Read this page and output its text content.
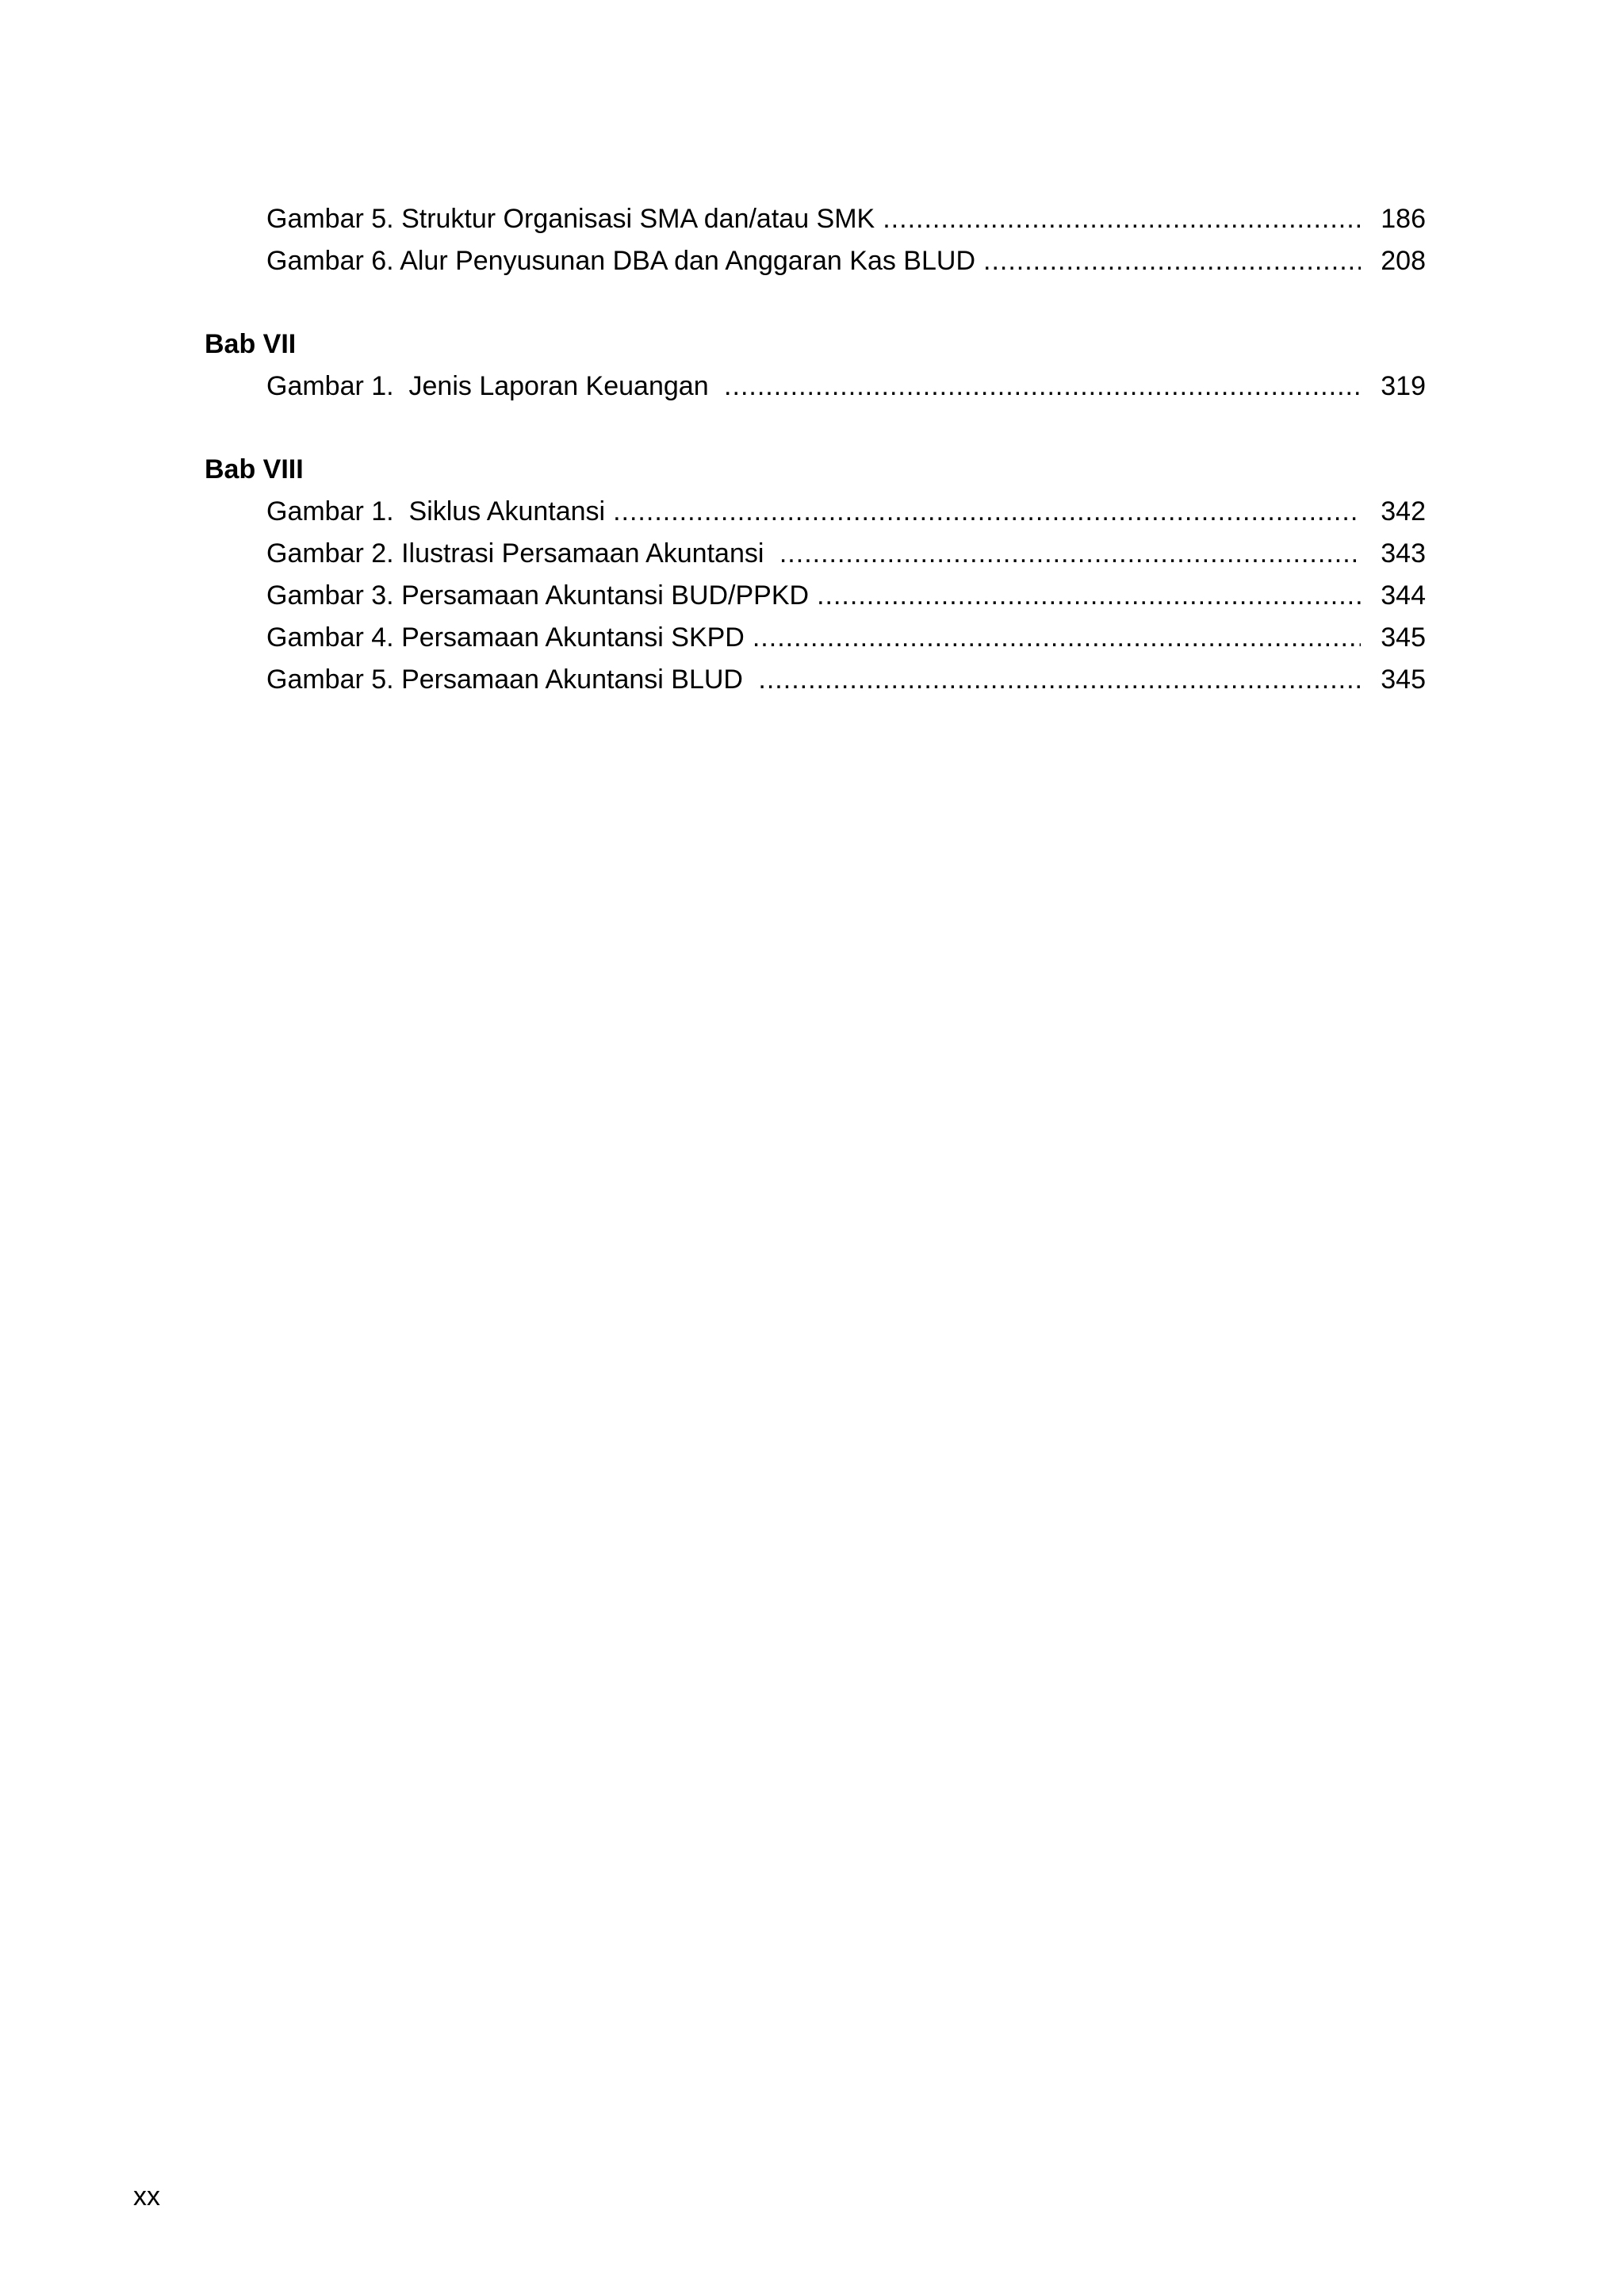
Gambar 5. Struktur Organisasi SMA dan/atau SMK .....	186
Gambar 6. Alur Penyusunan DBA dan Anggaran Kas BLUD .....	208
Bab VII
Gambar 1.  Jenis Laporan Keuangan .....	319
Bab VIII
Gambar 1.  Siklus Akuntansi .....	342
Gambar 2. Ilustrasi Persamaan Akuntansi .....	343
Gambar 3. Persamaan Akuntansi BUD/PPKD .....	344
Gambar 4. Persamaan Akuntansi SKPD .....	345
Gambar 5. Persamaan Akuntansi BLUD .....	345
xx
